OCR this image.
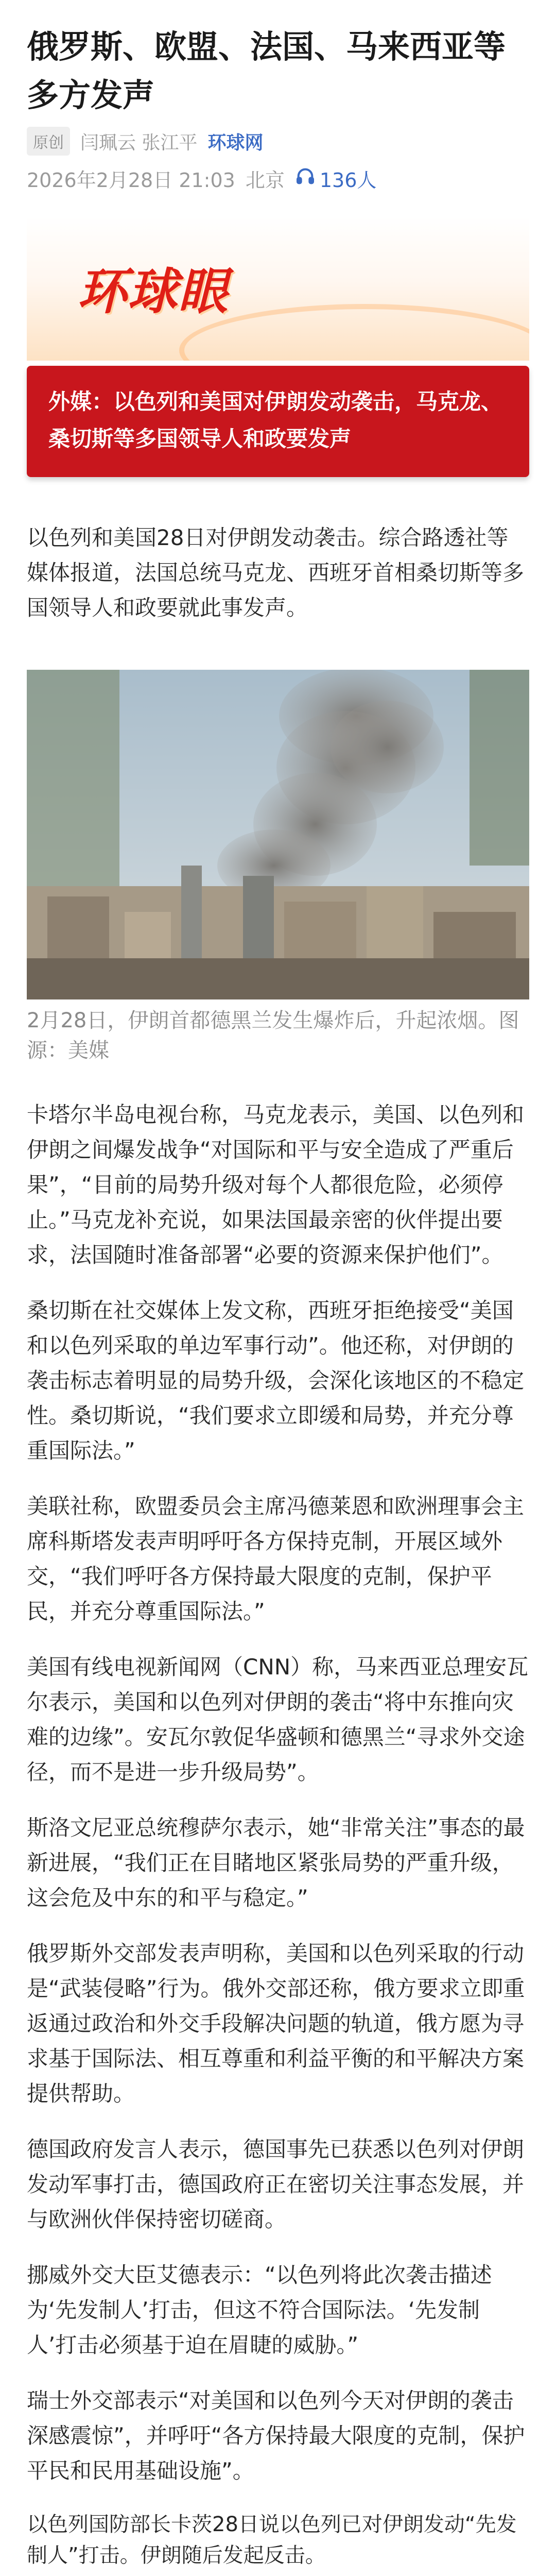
俄罗斯、欧盟、法国、马来西亚等多方发声
原创 闫珮云 张江平 环球网
2026年2月28日 21:03 北京 136人
环球眼
外媒：以色列和美国对伊朗发动袭击，马克龙、桑切斯等多国领导人和政要发声

以色列和美国28日对伊朗发动袭击。综合路透社等媒体报道，法国总统马克龙、西班牙首相桑切斯等多国领导人和政要就此事发声。

2月28日，伊朗首都德黑兰发生爆炸后，升起浓烟。图源：美媒

卡塔尔半岛电视台称，马克龙表示，美国、以色列和伊朗之间爆发战争“对国际和平与安全造成了严重后果”，“目前的局势升级对每个人都很危险，必须停止。”马克龙补充说，如果法国最亲密的伙伴提出要求，法国随时准备部署“必要的资源来保护他们”。

桑切斯在社交媒体上发文称，西班牙拒绝接受“美国和以色列采取的单边军事行动”。他还称，对伊朗的袭击标志着明显的局势升级，会深化该地区的不稳定性。桑切斯说，“我们要求立即缓和局势，并充分尊重国际法。”

美联社称，欧盟委员会主席冯德莱恩和欧洲理事会主席科斯塔发表声明呼吁各方保持克制，开展区域外交，“我们呼吁各方保持最大限度的克制，保护平民，并充分尊重国际法。”

美国有线电视新闻网（CNN）称，马来西亚总理安瓦尔表示，美国和以色列对伊朗的袭击“将中东推向灾难的边缘”。安瓦尔敦促华盛顿和德黑兰“寻求外交途径，而不是进一步升级局势”。

斯洛文尼亚总统穆萨尔表示，她“非常关注”事态的最新进展，“我们正在目睹地区紧张局势的严重升级，这会危及中东的和平与稳定。”

俄罗斯外交部发表声明称，美国和以色列采取的行动是“武装侵略”行为。俄外交部还称，俄方要求立即重返通过政治和外交手段解决问题的轨道，俄方愿为寻求基于国际法、相互尊重和利益平衡的和平解决方案提供帮助。

德国政府发言人表示，德国事先已获悉以色列对伊朗发动军事打击，德国政府正在密切关注事态发展，并与欧洲伙伴保持密切磋商。

挪威外交大臣艾德表示：“以色列将此次袭击描述为‘先发制人’打击，但这不符合国际法。‘先发制人’打击必须基于迫在眉睫的威胁。”

瑞士外交部表示“对美国和以色列今天对伊朗的袭击深感震惊”，并呼吁“各方保持最大限度的克制，保护平民和民用基础设施”。

以色列国防部长卡茨28日说以色列已对伊朗发动“先发制人”打击。伊朗随后发起反击。
